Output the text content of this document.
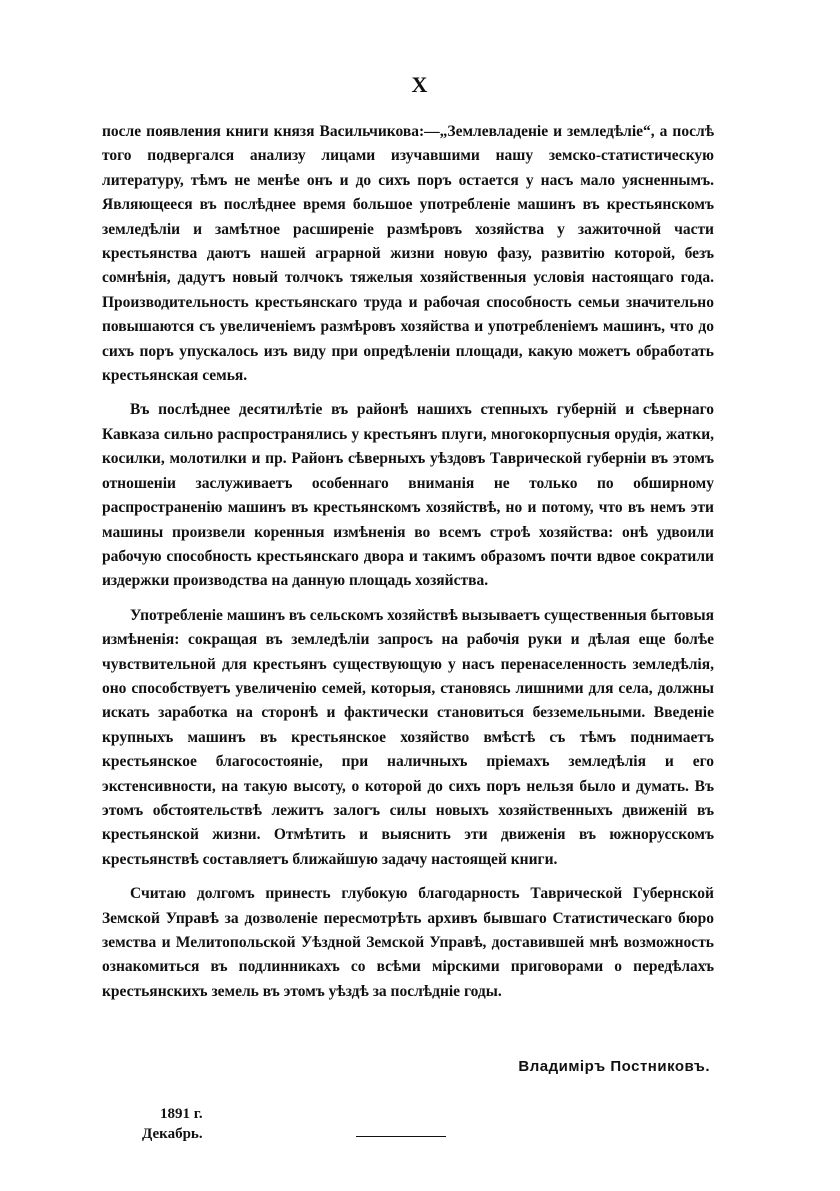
X

после появления книги князя Васильчикова:—„Землевладеніе и земледѣліе“, а послѣ того подвергался анализу лицами изучавшими нашу земско-статистическую литературу, тѣмъ не менѣе онъ и до сихъ поръ остается у насъ мало уясненнымъ. Являющееся въ послѣднее время большое употребленіе машинъ въ крестьянскомъ земледѣліи и замѣтное расширеніе размѣровъ хозяйства у зажиточной части крестьянства даютъ нашей аграрной жизни новую фазу, развитію которой, безъ сомнѣнія, дадутъ новый толчокъ тяжелыя хозяйственныя условія настоящаго года. Производительность крестьянскаго труда и рабочая способность семьи значительно повышаются съ увеличеніемъ размѣровъ хозяйства и употребленіемъ машинъ, что до сихъ поръ упускалось изъ виду при опредѣленіи площади, какую можетъ обработать крестьянская семья.

Въ послѣднее десятилѣтіе въ районѣ нашихъ степныхъ губерній и сѣвернаго Кавказа сильно распространялись у крестьянъ плуги, многокорпусныя орудія, жатки, косилки, молотилки и пр. Районъ сѣверныхъ уѣздовъ Таврической губерніи въ этомъ отношеніи заслуживаетъ особеннаго вниманія не только по обширному распространенію машинъ въ крестьянскомъ хозяйствѣ, но и потому, что въ немъ эти машины произвели коренныя измѣненія во всемъ строѣ хозяйства: онѣ удвоили рабочую способность крестьянскаго двора и такимъ образомъ почти вдвое сократили издержки производства на данную площадь хозяйства.

Употребленіе машинъ въ сельскомъ хозяйствѣ вызываетъ существенныя бытовыя измѣненія: сокращая въ земледѣліи запросъ на рабочія руки и дѣлая еще болѣе чувствительной для крестьянъ существующую у насъ перенаселенность земледѣлія, оно способствуетъ увеличенію семей, которыя, становясь лишними для села, должны искать заработка на сторонѣ и фактически становиться безземельными. Введеніе крупныхъ машинъ въ крестьянское хозяйство вмѣстѣ съ тѣмъ поднимаетъ крестьянское благосостояніе, при наличныхъ пріемахъ земледѣлія и его экстенсивности, на такую высоту, о которой до сихъ поръ нельзя было и думать. Въ этомъ обстоятельствѣ лежитъ залогъ силы новыхъ хозяйственныхъ движеній въ крестьянской жизни. Отмѣтить и выяснить эти движенія въ южнорусскомъ крестьянствѣ составляетъ ближайшую задачу настоящей книги.

Считаю долгомъ принесть глубокую благодарность Таврической Губернской Земской Управѣ за дозволеніе пересмотрѣть архивъ бывшаго Статистическаго бюро земства и Мелитопольской Уѣздной Земской Управѣ, доставившей мнѣ возможность ознакомиться въ подлинникахъ со всѣми мірскими приговорами о передѣлахъ крестьянскихъ земель въ этомъ уѣздѣ за послѣдніе годы.

Владиміръ Постниковъ.
1891 г.
Декабрь.
